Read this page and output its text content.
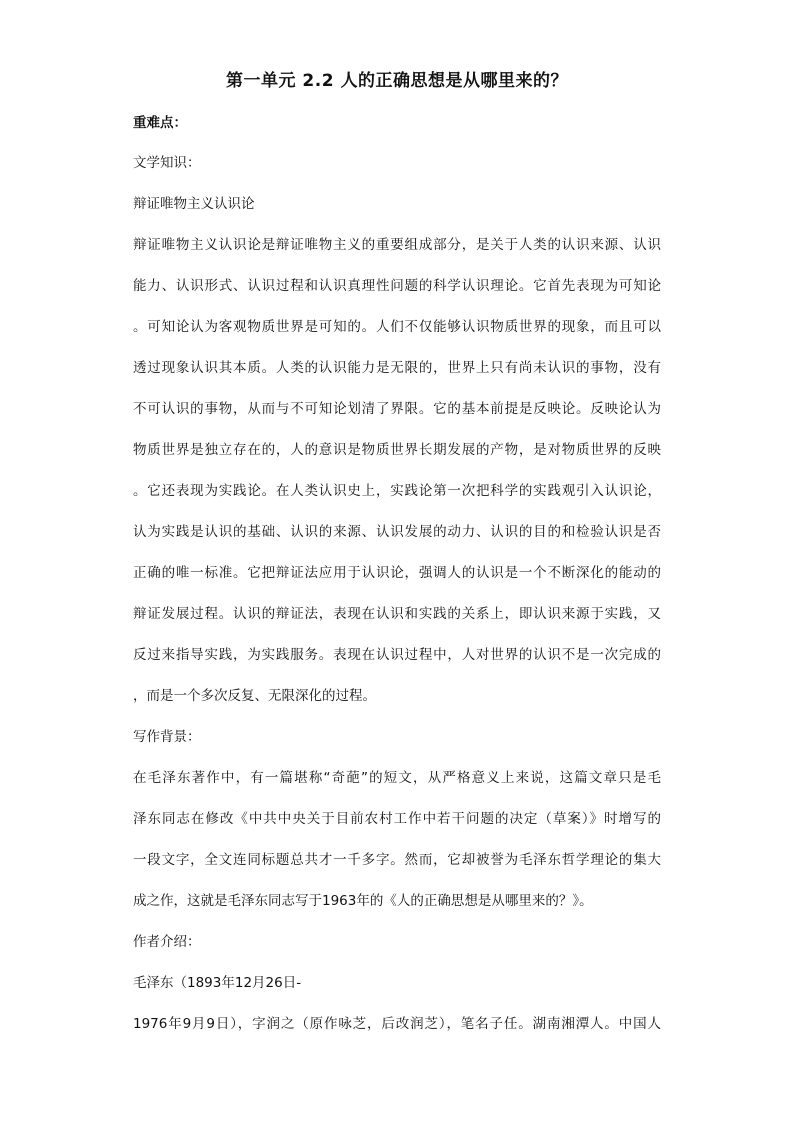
第一单元 2.2 人的正确思想是从哪里来的？
重难点：
文学知识：
辩证唯物主义认识论
辩证唯物主义认识论是辩证唯物主义的重要组成部分，是关于人类的认识来源、认识
能力、认识形式、认识过程和认识真理性问题的科学认识理论。它首先表现为可知论
。可知论认为客观物质世界是可知的。人们不仅能够认识物质世界的现象，而且可以
透过现象认识其本质。人类的认识能力是无限的，世界上只有尚未认识的事物，没有
不可认识的事物，从而与不可知论划清了界限。它的基本前提是反映论。反映论认为
物质世界是独立存在的，人的意识是物质世界长期发展的产物，是对物质世界的反映
。它还表现为实践论。在人类认识史上，实践论第一次把科学的实践观引入认识论，
认为实践是认识的基础、认识的来源、认识发展的动力、认识的目的和检验认识是否
正确的唯一标准。它把辩证法应用于认识论，强调人的认识是一个不断深化的能动的
辩证发展过程。认识的辩证法，表现在认识和实践的关系上，即认识来源于实践，又
反过来指导实践，为实践服务。表现在认识过程中，人对世界的认识不是一次完成的
，而是一个多次反复、无限深化的过程。
写作背景：
在毛泽东著作中，有一篇堪称“奇葩”的短文，从严格意义上来说，这篇文章只是毛
泽东同志在修改《中共中央关于目前农村工作中若干问题的决定（草案）》时增写的
一段文字，全文连同标题总共才一千多字。然而，它却被誉为毛泽东哲学理论的集大
成之作，这就是毛泽东同志写于1963年的《人的正确思想是从哪里来的？》。
作者介绍：
毛泽东（1893年12月26日-
1976年9月9日），字润之（原作咏芝，后改润芝），笔名子任。湖南湘潭人。中国人
